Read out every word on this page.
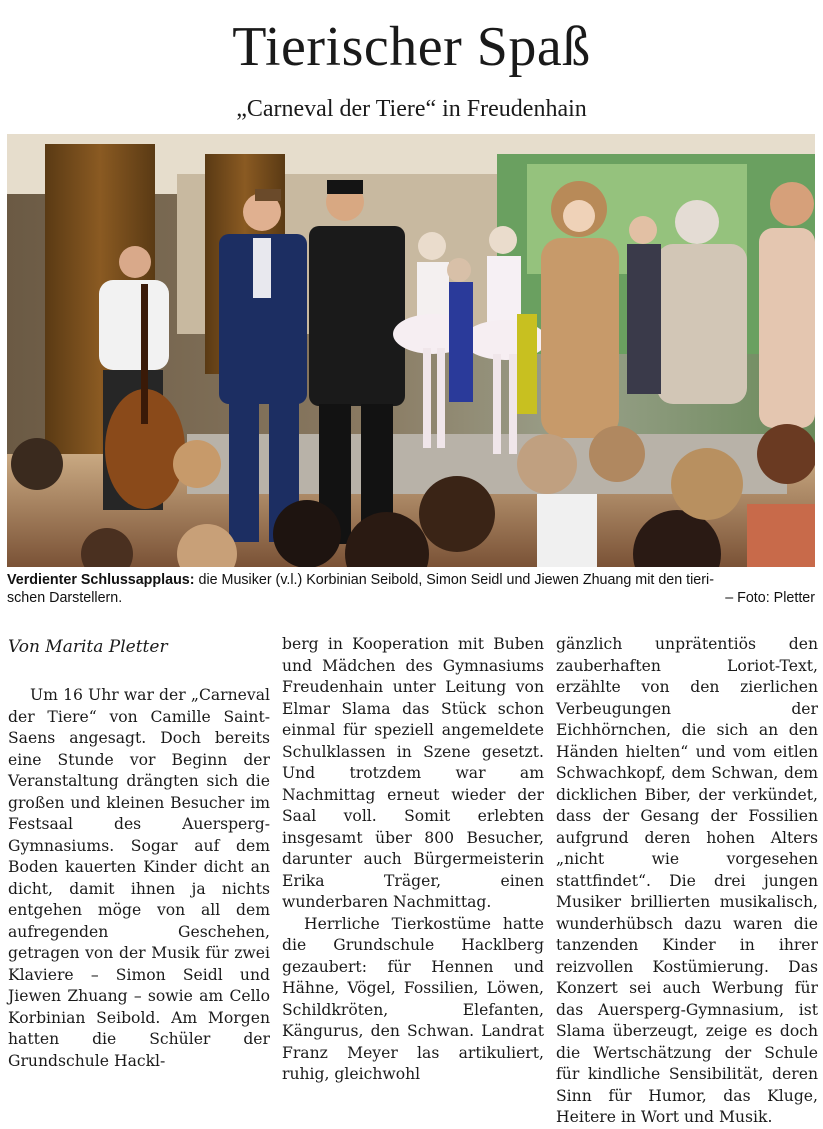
Tierischer Spaß
„Carneval der Tiere“ in Freudenhain
Verdienter Schlussapplaus: die Musiker (v.l.) Korbinian Seibold, Simon Seidl und Jiewen Zhuang mit den tieri-
schen Darstellern.	– Foto: Pletter

Von Marita Pletter

Um 16 Uhr war der „Carneval der Tiere“ von Camille Saint-Saens angesagt. Doch bereits eine Stunde vor Beginn der Veranstaltung drängten sich die großen und kleinen Besucher im Festsaal des Auersperg-Gymnasiums. Sogar auf dem Boden kauerten Kinder dicht an dicht, damit ihnen ja nichts entgehen möge von all dem aufregenden Geschehen, getragen von der Musik für zwei Klaviere – Simon Seidl und Jiewen Zhuang – sowie am Cello Korbinian Seibold. Am Morgen hatten die Schüler der Grundschule Hackl-

berg in Kooperation mit Buben und Mädchen des Gymnasiums Freudenhain unter Leitung von Elmar Slama das Stück schon einmal für speziell angemeldete Schulklassen in Szene gesetzt. Und trotzdem war am Nachmittag erneut wieder der Saal voll. Somit erlebten insgesamt über 800 Besucher, darunter auch Bürgermeisterin Erika Träger, einen wunderbaren Nachmittag.

Herrliche Tierkostüme hatte die Grundschule Hacklberg gezaubert: für Hennen und Hähne, Vögel, Fossilien, Löwen, Schildkröten, Elefanten, Kängurus, den Schwan. Landrat Franz Meyer las artikuliert, ruhig, gleichwohl

gänzlich unprätentiös den zauberhaften Loriot-Text, erzählte von den zierlichen Verbeugungen der Eichhörnchen, die sich an den Händen hielten“ und vom eitlen Schwachkopf, dem Schwan, dem dicklichen Biber, der verkündet, dass der Gesang der Fossilien aufgrund deren hohen Alters „nicht wie vorgesehen stattfindet“. Die drei jungen Musiker brillierten musikalisch, wunderhübsch dazu waren die tanzenden Kinder in ihrer reizvollen Kostümierung. Das Konzert sei auch Werbung für das Auersperg-Gymnasium, ist Slama überzeugt, zeige es doch die Wertschätzung der Schule für kindliche Sensibilität, deren Sinn für Humor, das Kluge, Heitere in Wort und Musik.
